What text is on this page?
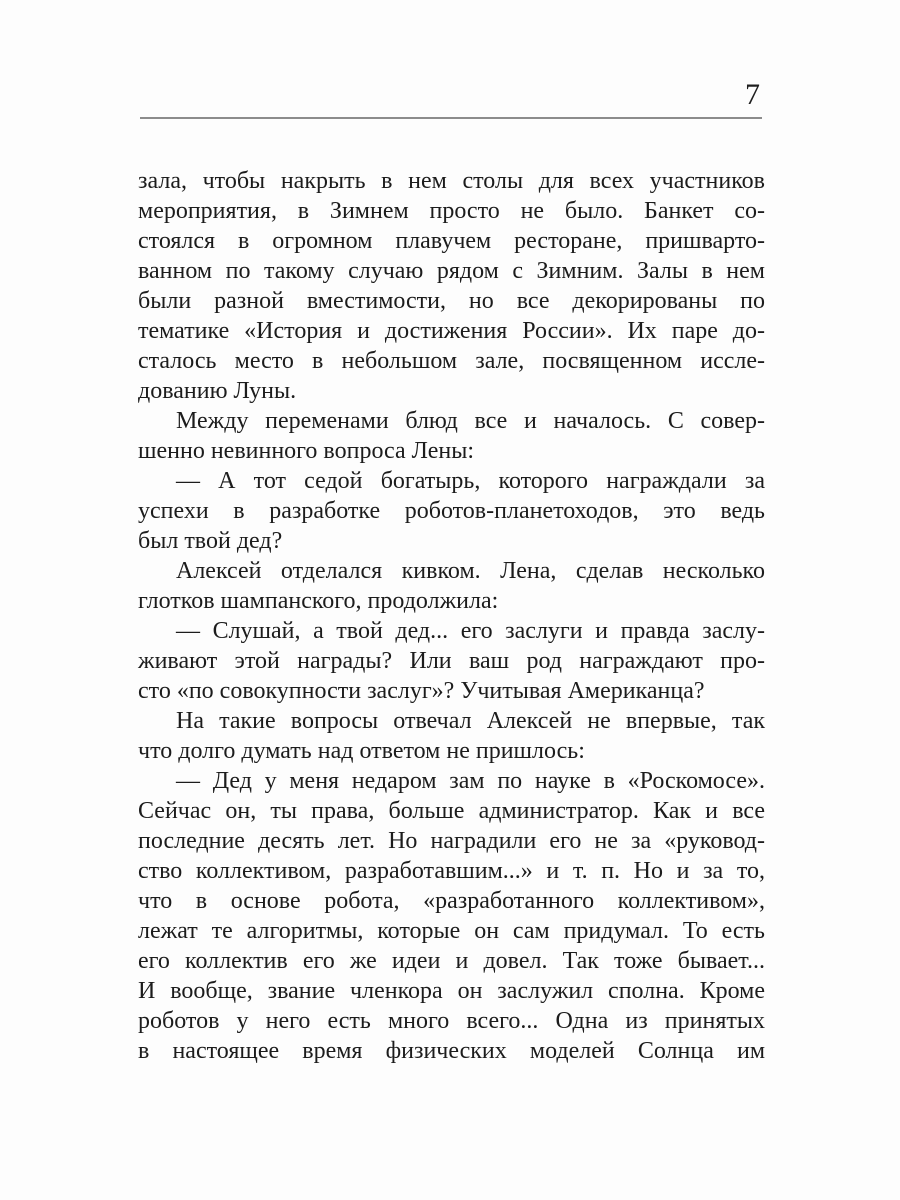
7
зала, чтобы накрыть в нем столы для всех участников
мероприятия, в Зимнем просто не было. Банкет со-
стоялся в огромном плавучем ресторане, пришварто-
ванном по такому случаю рядом с Зимним. Залы в нем
были разной вместимости, но все декорированы по
тематике «История и достижения России». Их паре до-
сталось место в небольшом зале, посвященном иссле-
дованию Луны.
Между переменами блюд все и началось. С совер-
шенно невинного вопроса Лены:
— А тот седой богатырь, которого награждали за
успехи в разработке роботов-планетоходов, это ведь
был твой дед?
Алексей отделался кивком. Лена, сделав несколько
глотков шампанского, продолжила:
— Слушай, а твой дед... его заслуги и правда заслу-
живают этой награды? Или ваш род награждают про-
сто «по совокупности заслуг»? Учитывая Американца?
На такие вопросы отвечал Алексей не впервые, так
что долго думать над ответом не пришлось:
— Дед у меня недаром зам по науке в «Роскомосе».
Сейчас он, ты права, больше администратор. Как и все
последние десять лет. Но наградили его не за «руковод-
ство коллективом, разработавшим...» и т. п. Но и за то,
что в основе робота, «разработанного коллективом»,
лежат те алгоритмы, которые он сам придумал. То есть
его коллектив его же идеи и довел. Так тоже бывает...
И вообще, звание членкора он заслужил сполна. Кроме
роботов у него есть много всего... Одна из принятых
в настоящее время физических моделей Солнца им
